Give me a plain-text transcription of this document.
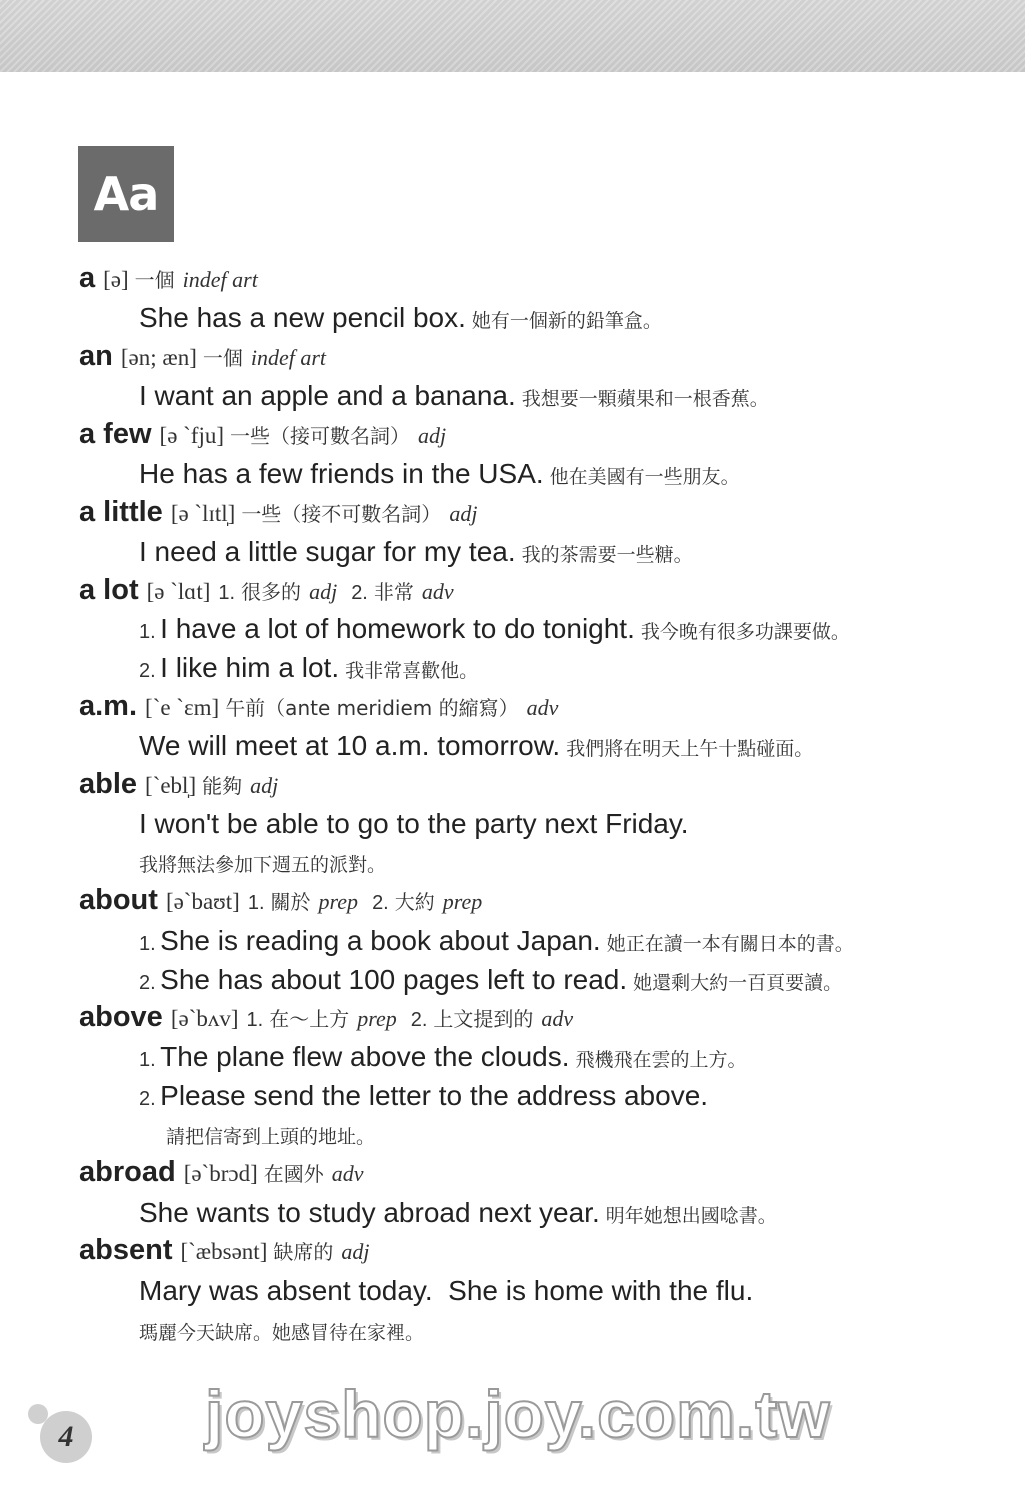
Aa
a [ə] 一個 indef art
She has a new pencil box. 她有一個新的鉛筆盒。
an [ən; æn] 一個 indef art
I want an apple and a banana. 我想要一顆蘋果和一根香蕉。
a few [ə ˋfju] 一些（接可數名詞） adj
He has a few friends in the USA. 他在美國有一些朋友。
a little [ə ˋlɪtl̩] 一些（接不可數名詞） adj
I need a little sugar for my tea. 我的茶需要一些糖。
a lot [ə ˋlɑt] 1. 很多的 adj 2. 非常 adv
1. I have a lot of homework to do tonight. 我今晚有很多功課要做。
2. I like him a lot. 我非常喜歡他。
a.m. [ˋe ˋɛm] 午前（ante meridiem 的縮寫） adv
We will meet at 10 a.m. tomorrow. 我們將在明天上午十點碰面。
able [ˋebl̩] 能夠 adj
I won't be able to go to the party next Friday.
我將無法參加下週五的派對。
about [əˋbaʊt] 1. 關於 prep 2. 大約 prep
1. She is reading a book about Japan. 她正在讀一本有關日本的書。
2. She has about 100 pages left to read. 她還剩大約一百頁要讀。
above [əˋbʌv] 1. 在～上方 prep 2. 上文提到的 adv
1. The plane flew above the clouds. 飛機飛在雲的上方。
2. Please send the letter to the address above.
請把信寄到上頭的地址。
abroad [əˋbrɔd] 在國外 adv
She wants to study abroad next year. 明年她想出國唸書。
absent [ˋæbsənt] 缺席的 adj
Mary was absent today.  She is home with the flu.
瑪麗今天缺席。她感冒待在家裡。
4 joyshop.joy.com.tw
